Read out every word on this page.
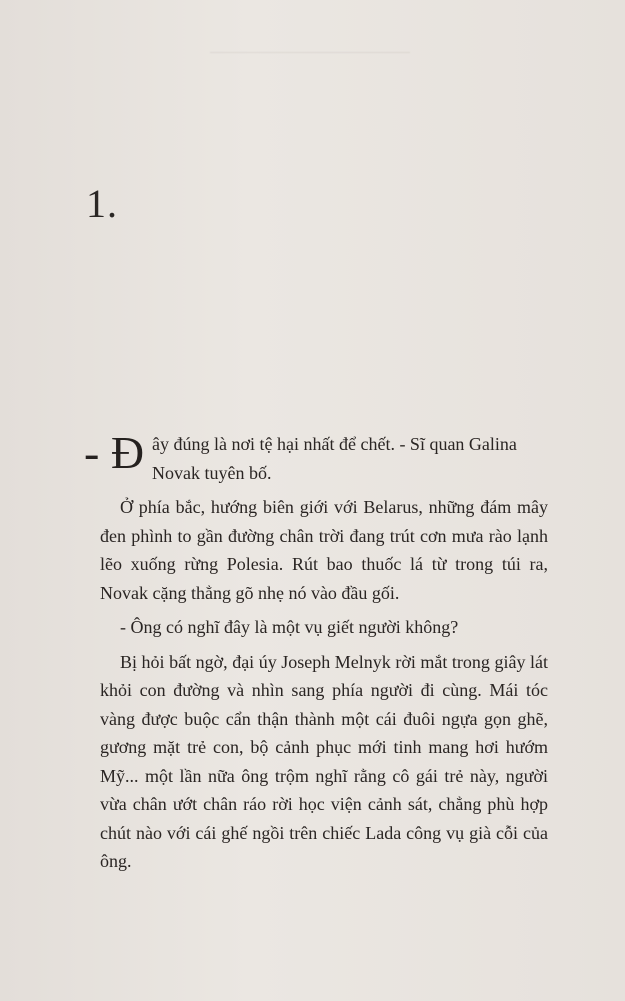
1.
- Đ ây đúng là nơi tệ hại nhất để chết. - Sĩ quan Galina
Novak tuyên bố.

Ở phía bắc, hướng biên giới với Belarus, những đám mây đen phình to gần đường chân trời đang trút cơn mưa rào lạnh lẽo xuống rừng Polesia. Rút bao thuốc lá từ trong túi ra, Novak cặng thẳng gõ nhẹ nó vào đầu gối.

- Ông có nghĩ đây là một vụ giết người không?

Bị hỏi bất ngờ, đại úy Joseph Melnyk rời mắt trong giây lát khỏi con đường và nhìn sang phía người đi cùng. Mái tóc vàng được buộc cẩn thận thành một cái đuôi ngựa gọn ghẽ, gương mặt trẻ con, bộ cảnh phục mới tinh mang hơi hướm Mỹ... một lần nữa ông trộm nghĩ rằng cô gái trẻ này, người vừa chân ướt chân ráo rời học viện cảnh sát, chẳng phù hợp chút nào với cái ghế ngồi trên chiếc Lada công vụ già cỗi của ông.
